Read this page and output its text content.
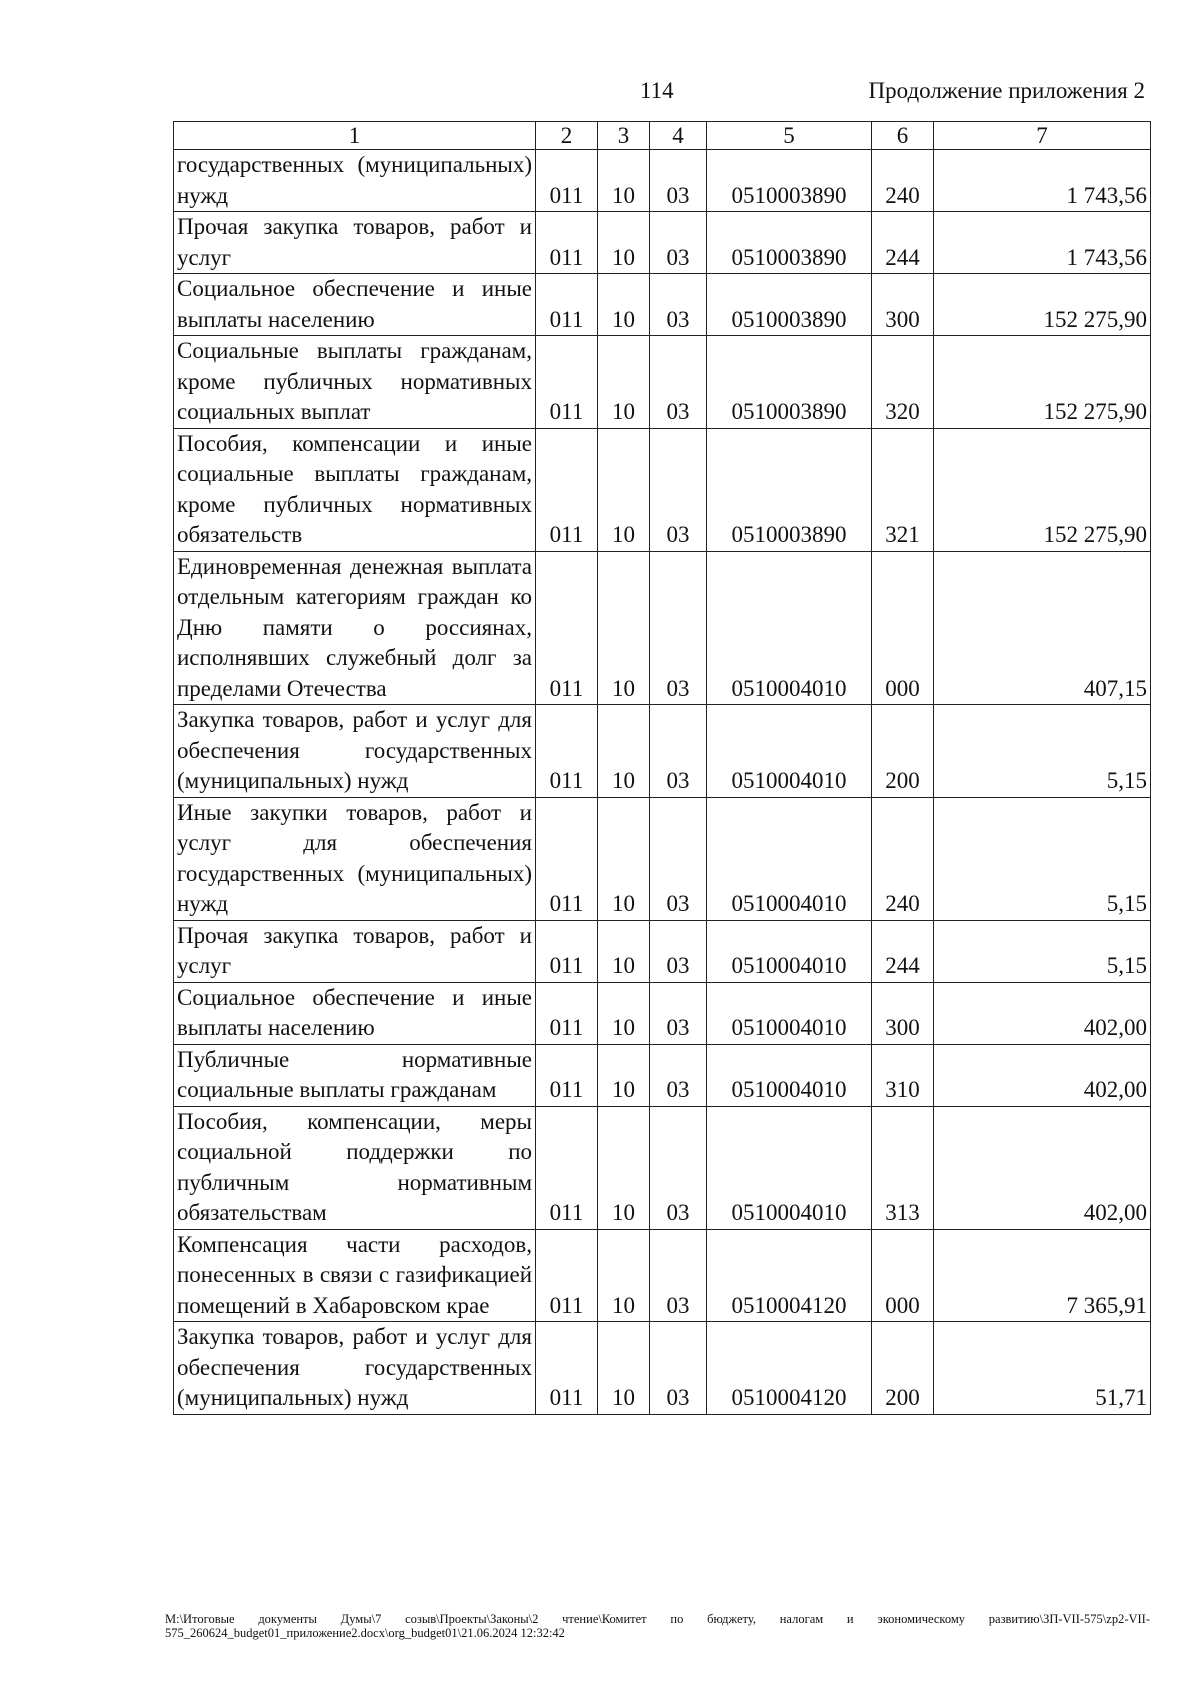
114	Продолжение приложения 2
1	2	3	4	5	6	7
государственных (муниципальных) нужд	011	10	03	0510003890	240	1 743,56
Прочая закупка товаров, работ и услуг	011	10	03	0510003890	244	1 743,56
Социальное обеспечение и иные выплаты населению	011	10	03	0510003890	300	152 275,90
Социальные выплаты гражданам, кроме публичных нормативных социальных выплат	011	10	03	0510003890	320	152 275,90
Пособия, компенсации и иные социальные выплаты гражданам, кроме публичных нормативных обязательств	011	10	03	0510003890	321	152 275,90
Единовременная денежная выплата отдельным категориям граждан ко Дню памяти о россиянах, исполнявших служебный долг за пределами Отечества	011	10	03	0510004010	000	407,15
Закупка товаров, работ и услуг для обеспечения государственных (муниципальных) нужд	011	10	03	0510004010	200	5,15
Иные закупки товаров, работ и услуг для обеспечения государственных (муниципальных) нужд	011	10	03	0510004010	240	5,15
Прочая закупка товаров, работ и услуг	011	10	03	0510004010	244	5,15
Социальное обеспечение и иные выплаты населению	011	10	03	0510004010	300	402,00
Публичные нормативные социальные выплаты гражданам	011	10	03	0510004010	310	402,00
Пособия, компенсации, меры социальной поддержки по публичным нормативным обязательствам	011	10	03	0510004010	313	402,00
Компенсация части расходов, понесенных в связи с газификацией помещений в Хабаровском крае	011	10	03	0510004120	000	7 365,91
Закупка товаров, работ и услуг для обеспечения государственных (муниципальных) нужд	011	10	03	0510004120	200	51,71
M:\Итоговые документы Думы\7 созыв\Проекты\Законы\2 чтение\Комитет по бюджету, налогам и экономическому развитию\ЗП-VII-575\zp2-VII-575_260624_budget01_приложение2.docx\org_budget01\21.06.2024 12:32:42
